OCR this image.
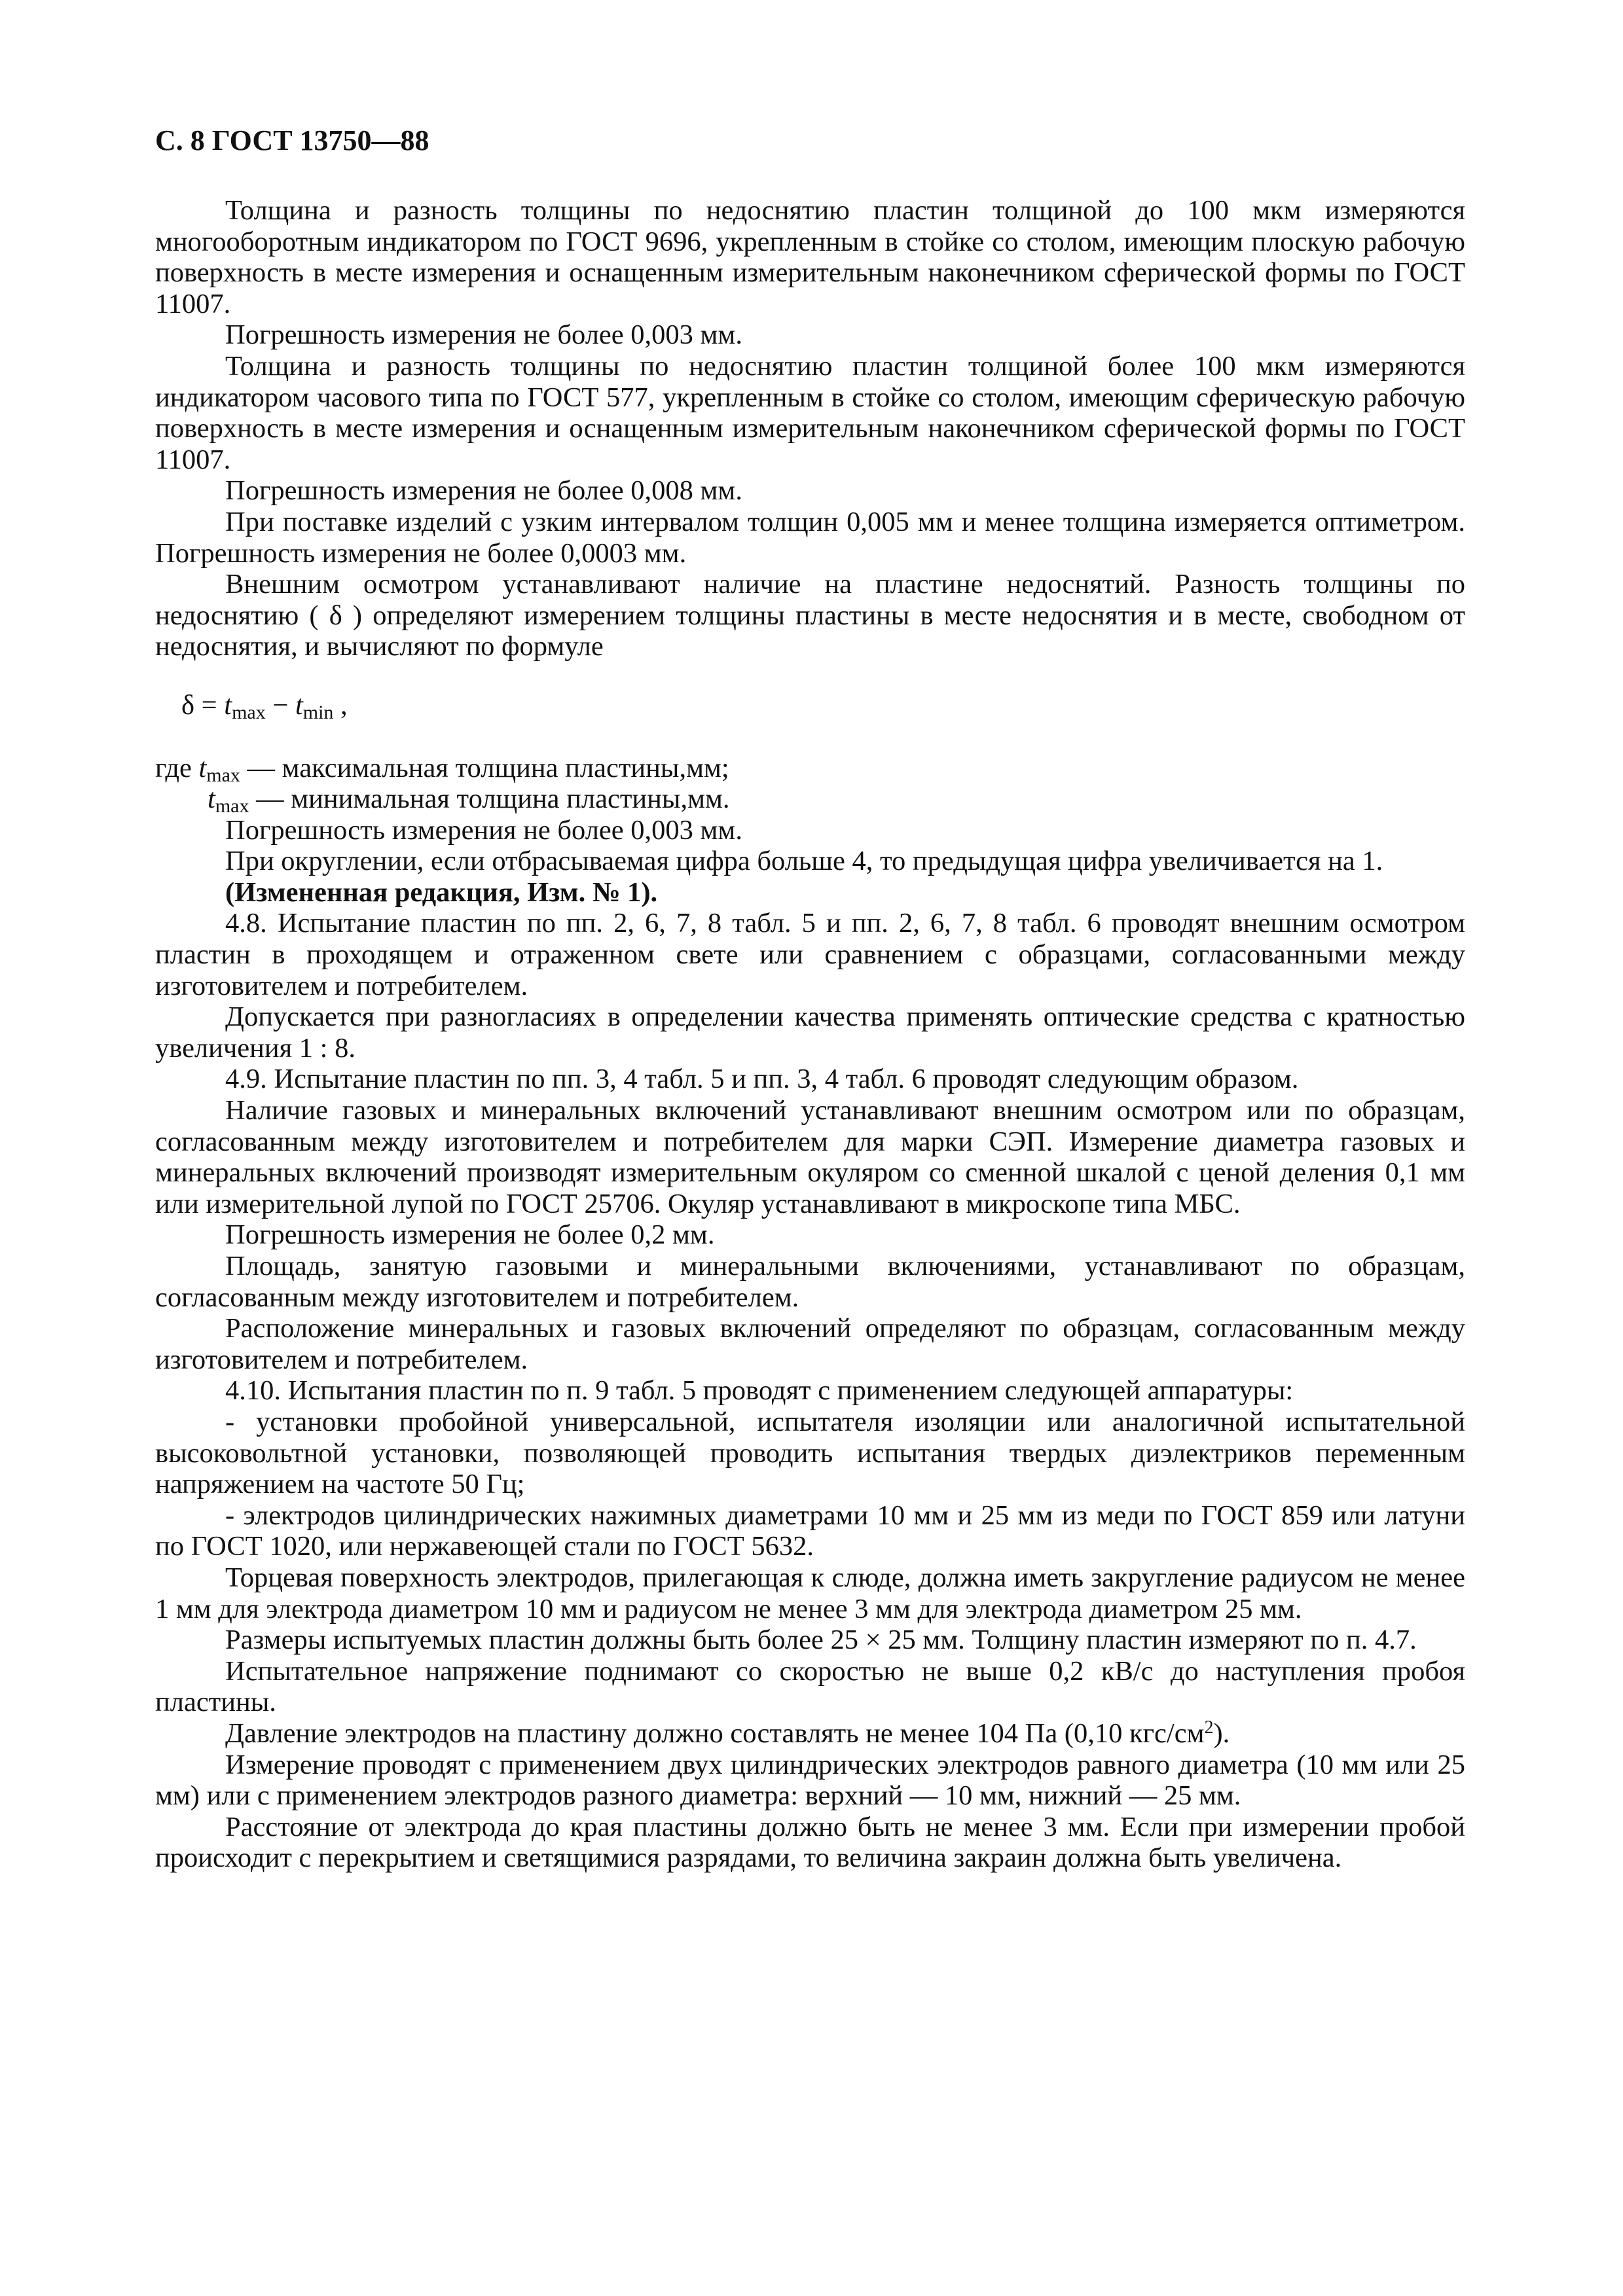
С. 8 ГОСТ 13750—88

Толщина и разность толщины по недоснятию пластин толщиной до 100 мкм измеряются многооборотным индикатором по ГОСТ 9696, укрепленным в стойке со столом, имеющим плоскую рабочую поверхность в месте измерения и оснащенным измерительным наконечником сферической формы по ГОСТ 11007.

Погрешность измерения не более 0,003 мм.

Толщина и разность толщины по недоснятию пластин толщиной более 100 мкм измеряются индикатором часового типа по ГОСТ 577, укрепленным в стойке со столом, имеющим сферическую рабочую поверхность в месте измерения и оснащенным измерительным наконечником сферической формы по ГОСТ 11007.

Погрешность измерения не более 0,008 мм.

При поставке изделий с узким интервалом толщин 0,005 мм и менее толщина измеряется оптиметром. Погрешность измерения не более 0,0003 мм.

Внешним осмотром устанавливают наличие на пластине недоснятий. Разность толщины по недоснятию ( δ ) определяют измерением толщины пластины в месте недоснятия и в месте, свободном от недоснятия, и вычисляют по формуле

$\delta = t_{max} - t_{min}$ ,

где $t_{max}$ — максимальная толщина пластины,мм;

$t_{max}$ — минимальная толщина пластины,мм.

Погрешность измерения не более 0,003 мм.

При округлении, если отбрасываемая цифра больше 4, то предыдущая цифра увеличивается на 1.

(Измененная редакция, Изм. № 1).

4.8. Испытание пластин по пп. 2, 6, 7, 8 табл. 5 и пп. 2, 6, 7, 8 табл. 6 проводят внешним осмотром пластин в проходящем и отраженном свете или сравнением с образцами, согласованными между изготовителем и потребителем.

Допускается при разногласиях в определении качества применять оптические средства с кратностью увеличения 1 : 8.

4.9. Испытание пластин по пп. 3, 4 табл. 5 и пп. 3, 4 табл. 6 проводят следующим образом.

Наличие газовых и минеральных включений устанавливают внешним осмотром или по образцам, согласованным между изготовителем и потребителем для марки СЭП. Измерение диаметра газовых и минеральных включений производят измерительным окуляром со сменной шкалой с ценой деления 0,1 мм или измерительной лупой по ГОСТ 25706. Окуляр устанавливают в микроскопе типа МБС.

Погрешность измерения не более 0,2 мм.

Площадь, занятую газовыми и минеральными включениями, устанавливают по образцам, согласованным между изготовителем и потребителем.

Расположение минеральных и газовых включений определяют по образцам, согласованным между изготовителем и потребителем.

4.10. Испытания пластин по п. 9 табл. 5 проводят с применением следующей аппаратуры:

- установки пробойной универсальной, испытателя изоляции или аналогичной испытательной высоковольтной установки, позволяющей проводить испытания твердых диэлектриков переменным напряжением на частоте 50 Гц;

- электродов цилиндрических нажимных диаметрами 10 мм и 25 мм из меди по ГОСТ 859 или латуни по ГОСТ 1020, или нержавеющей стали по ГОСТ 5632.

Торцевая поверхность электродов, прилегающая к слюде, должна иметь закругление радиусом не менее 1 мм для электрода диаметром 10 мм и радиусом не менее 3 мм для электрода диаметром 25 мм.

Размеры испытуемых пластин должны быть более 25 × 25 мм. Толщину пластин измеряют по п. 4.7.

Испытательное напряжение поднимают со скоростью не выше 0,2 кВ/с до наступления пробоя пластины.

Давление электродов на пластину должно составлять не менее 104 Па (0,10 кгс/$см^2$).

Измерение проводят с применением двух цилиндрических электродов равного диаметра (10 мм или 25 мм) или с применением электродов разного диаметра: верхний — 10 мм, нижний — 25 мм.

Расстояние от электрода до края пластины должно быть не менее 3 мм. Если при измерении пробой происходит с перекрытием и светящимися разрядами, то величина закраин должна быть увеличена.
